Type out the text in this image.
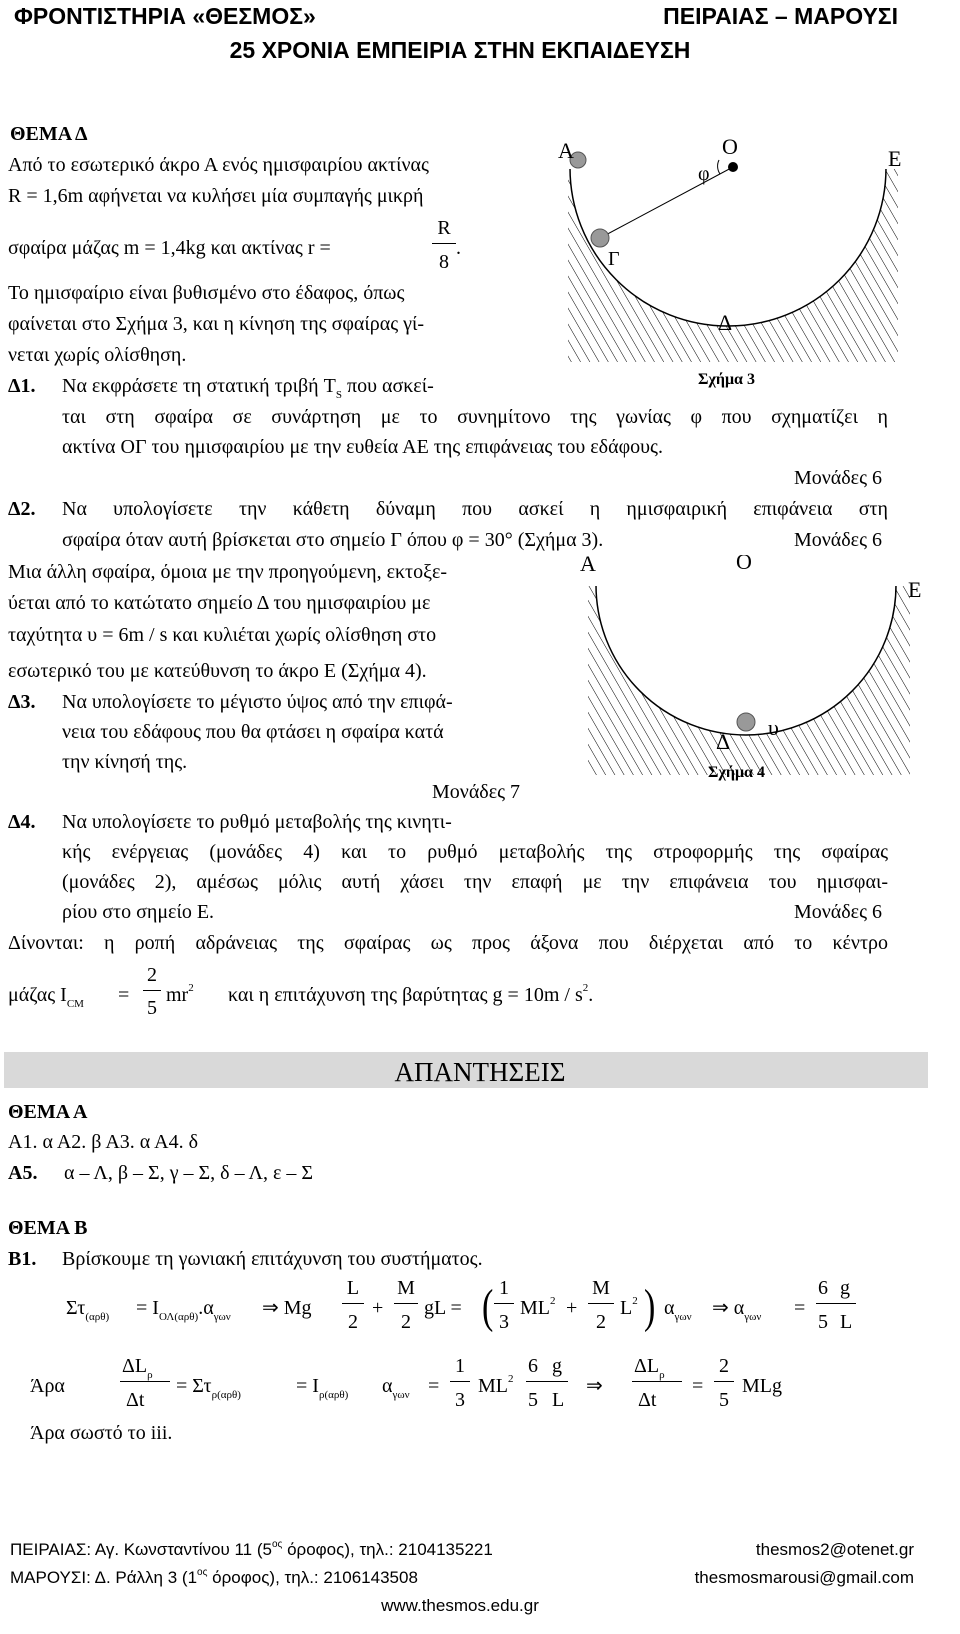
ΦΡΟΝΤΙΣΤΗΡΙΑ «ΘΕΣΜΟΣ»	ΠΕΙΡΑΙΑΣ – ΜΑΡΟΥΣΙ
25 ΧΡΟΝΙΑ ΕΜΠΕΙΡΙΑ ΣΤΗΝ ΕΚΠΑΙΔΕΥΣΗ
ΘΕΜΑ Δ
Από το εσωτερικό άκρο Α ενός ημισφαιρίου ακτίνας
R = 1,6m αφήνεται να κυλήσει μία συμπαγής μικρή
σφαίρα μάζας m = 1,4kg και ακτίνας r =
R
8
.
Το ημισφαίριο είναι βυθισμένο στο έδαφος, όπως
φαίνεται στο Σχήμα 3, και η κίνηση της σφαίρας γί-
νεται χωρίς ολίσθηση.
Δ1. Να εκφράσετε τη στατική τριβή $T_S$ που ασκεί-
ται στη σφαίρα σε συνάρτηση με το συνημίτονο της γωνίας φ που σχηματίζει η
ακτίνα ΟΓ του ημισφαιρίου με την ευθεία ΑΕ της επιφάνειας του εδάφους.
Μονάδες 6
Δ2. Να υπολογίσετε την κάθετη δύναμη που ασκεί η ημισφαιρική επιφάνεια στη
σφαίρα όταν αυτή βρίσκεται στο σημείο Γ όπου φ = 30° (Σχήμα 3).	Μονάδες 6
Μια άλλη σφαίρα, όμοια με την προηγούμενη, εκτοξε-
ύεται από το κατώτατο σημείο Δ του ημισφαιρίου με
ταχύτητα υ = 6m / s και κυλιέται χωρίς ολίσθηση στο
εσωτερικό του με κατεύθυνση το άκρο Ε (Σχήμα 4).
Δ3. Να υπολογίσετε το μέγιστο ύψος από την επιφά-
νεια του εδάφους που θα φτάσει η σφαίρα κατά
την κίνησή της.
Μονάδες 7
Δ4. Να υπολογίσετε το ρυθμό μεταβολής της κινητι-
κής ενέργειας (μονάδες 4) και το ρυθμό μεταβολής της στροφορμής της σφαίρας
(μονάδες 2), αμέσως μόλις αυτή χάσει την επαφή με την επιφάνεια του ημισφαι-
ρίου στο σημείο Ε.	Μονάδες 6
Δίνονται: η ροπή αδράνειας της σφαίρας ως προς άξονα που διέρχεται από το κέντρο
μάζας $I_{CM}$ =
2
5
$mr^2$ και η επιτάχυνση της βαρύτητας $g = 10m / s^2$.
Α	Ο	Ε
φ
Γ
Δ
Σχήμα 3
Α	Ο
Ε
Δ
υ
Σχήμα 4
ΑΠΑΝΤΗΣΕΙΣ
ΘΕΜΑ Α
Α1. α Α2. β Α3. α Α4. δ
Α5. α – Λ, β – Σ, γ – Σ, δ – Λ, ε – Σ
ΘΕΜΑ Β
Β1. Βρίσκουμε τη γωνιακή επιτάχυνση του συστήματος.
$\Sigma\tau_{(\alpha\rho\theta)} = I_{O\Lambda(\alpha\rho\theta)}.\alpha_{\gamma\omega\nu}$ ⇒ Mg
L
2
+
M
2
gL = ( 1
3
$ML^2$ +
M
2
$L^2$ ) $\alpha_{\gamma\omega\nu}$ ⇒ $\alpha_{\gamma\omega\nu}$ =
6 g
5 L
Άρα
$\Delta L_\rho$
Δt
= $\Sigma\tau_{\rho(\alpha\rho\theta)}$	= $I_{\rho(\alpha\rho\theta)}$ $\alpha_{\gamma\omega\nu}$ =
1
3
$ML^2$
6 g
5 L
⇒
$\Delta L_\rho$
Δt
=
2
5
MLg
Άρα σωστό το iii.
ΠΕΙΡΑΙΑΣ: Αγ. Κωνσταντίνου 11 ($5^{o\varsigma}$ όροφος), τηλ.: 2104135221	thesmos2@otenet.gr
ΜΑΡΟΥΣΙ: Δ. Ράλλη 3 ($1^{o\varsigma}$ όροφος), τηλ.: 2106143508	thesmosmarousi@gmail.com
www.thesmos.edu.gr
